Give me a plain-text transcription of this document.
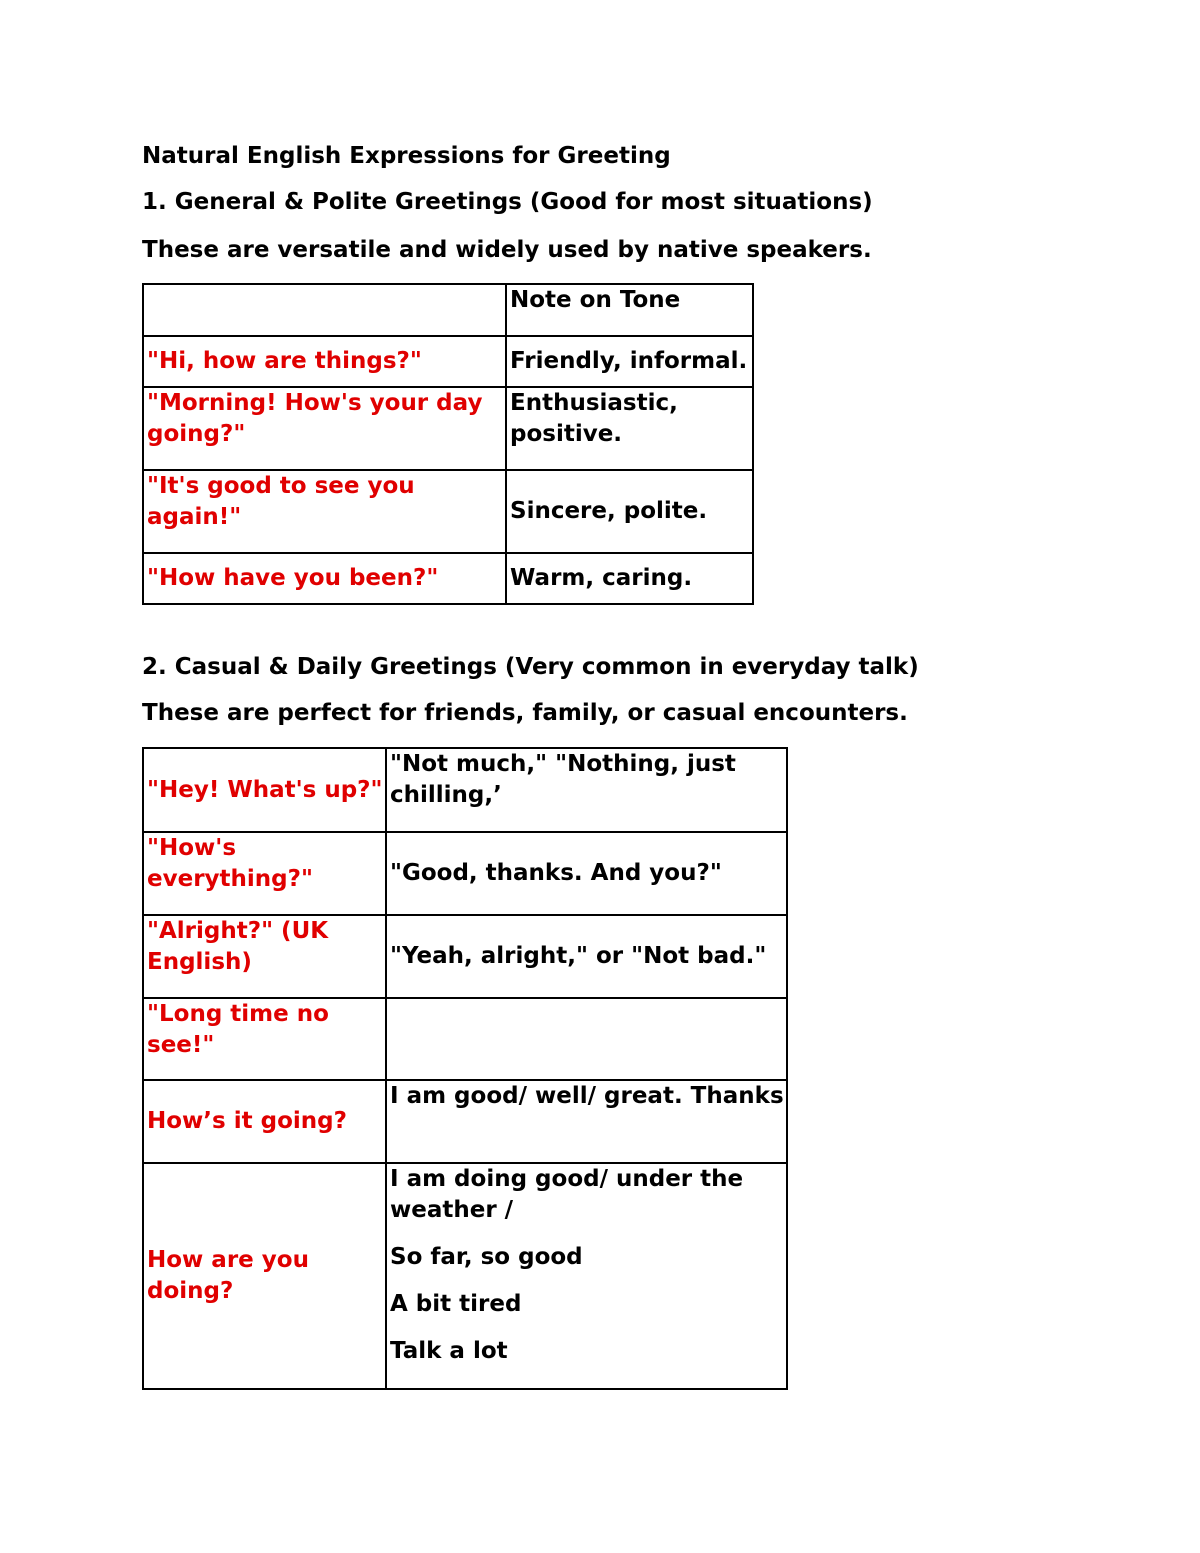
Natural English Expressions for Greeting

1. General & Polite Greetings (Good for most situations)

These are versatile and widely used by native speakers.

	Note on Tone
"Hi, how are things?"	Friendly, informal.
"Morning! How's your day going?"	Enthusiastic, positive.
"It's good to see you again!"	Sincere, polite.
"How have you been?"	Warm, caring.

2. Casual & Daily Greetings (Very common in everyday talk)

These are perfect for friends, family, or casual encounters.

"Hey! What's up?"	"Not much," "Nothing, just chilling,’
"How's everything?"	"Good, thanks. And you?"
"Alright?" (UK English)	"Yeah, alright," or "Not bad."
"Long time no see!"	
How’s it going?	I am good/ well/ great. Thanks
How are you doing?	I am doing good/ under the weather /

So far, so good

A bit tired

Talk a lot
